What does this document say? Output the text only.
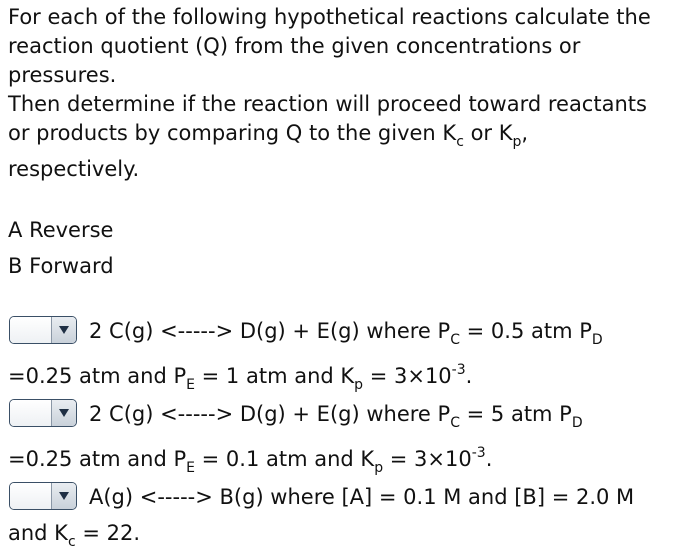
For each of the following hypothetical reactions calculate the
reaction quotient (Q) from the given concentrations or
pressures.
Then determine if the reaction will proceed toward reactants
or products by comparing Q to the given $K_c$ or $K_p$,
respectively.
A Reverse
B Forward
2 C(g) <-----> D(g) + E(g) where $P_C = 0.5$ atm $P_D$
=0.25 atm and $P_E = 1$ atm and $K_p = 3\times 10^{-3}$.
2 C(g) <-----> D(g) + E(g) where $P_C = 5$ atm $P_D$
=0.25 atm and $P_E = 0.1$ atm and $K_p = 3\times 10^{-3}$.
A(g) <-----> B(g) where [A] = 0.1 M and [B] = 2.0 M
and $K_c = 22$.
